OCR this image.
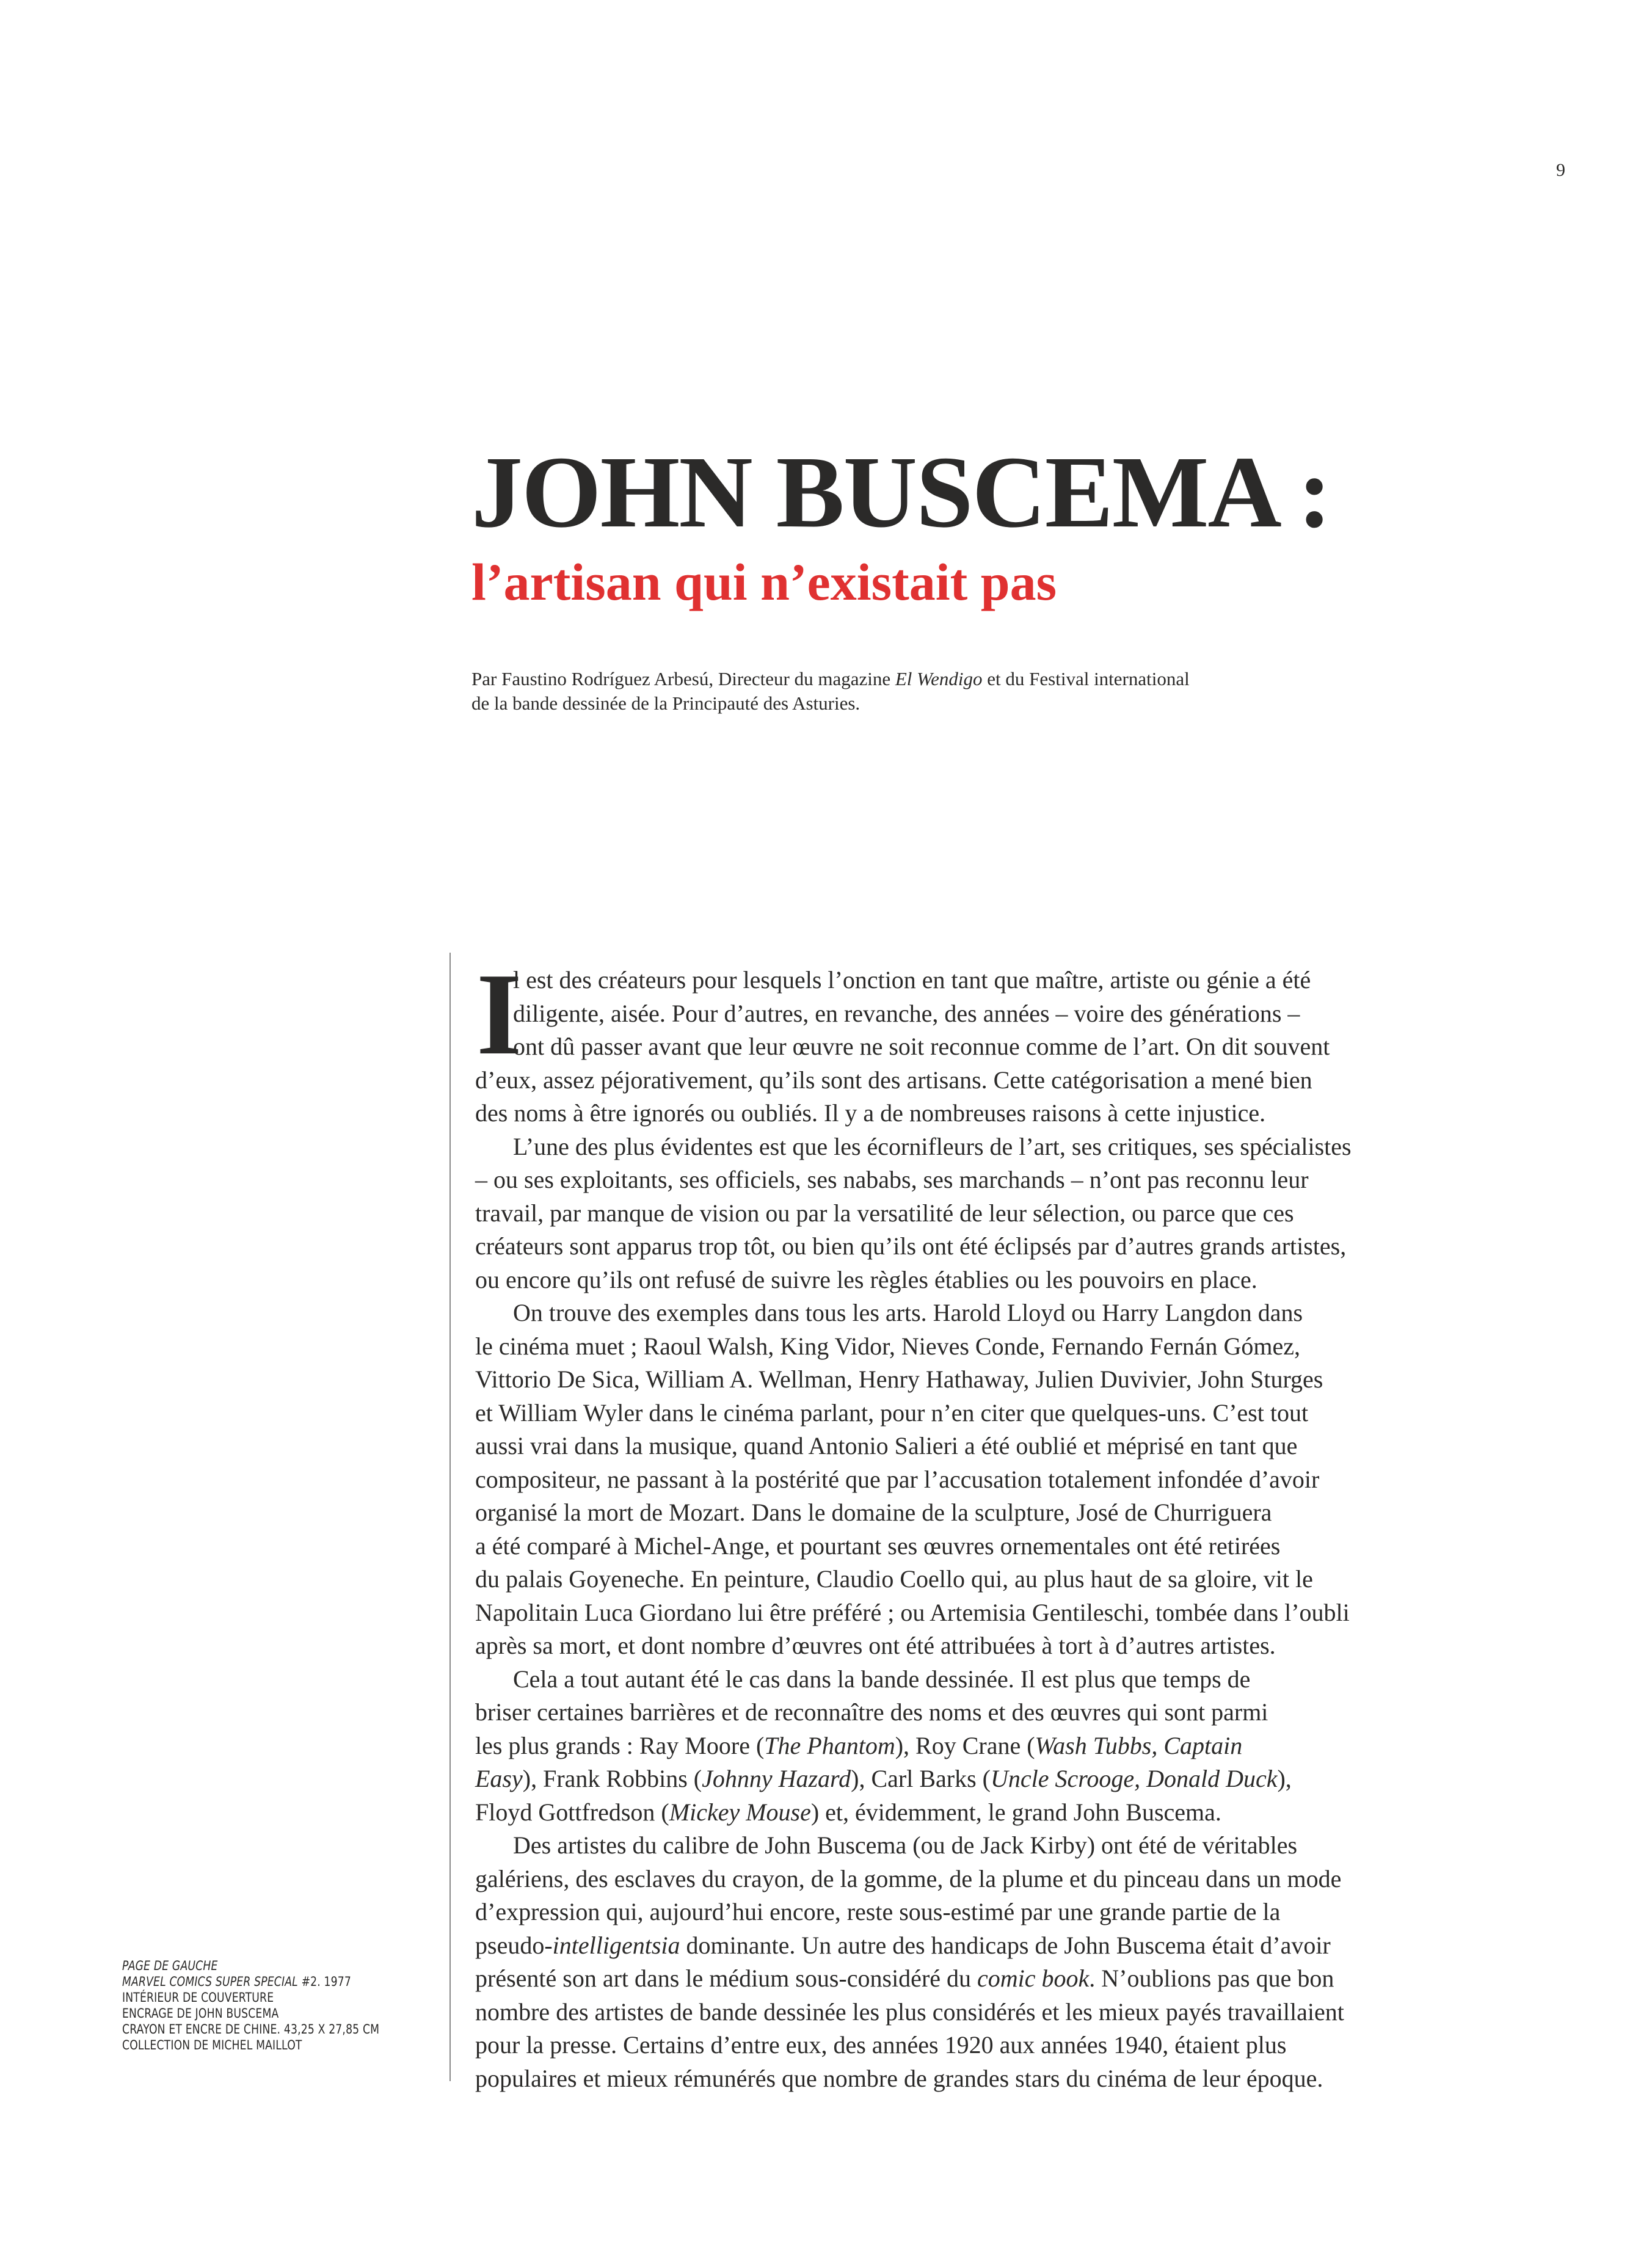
9
JOHN BUSCEMA :
l’artisan qui n’existait pas
Par Faustino Rodríguez Arbesú, Directeur du magazine El Wendigo et du Festival international
de la bande dessinée de la Principauté des Asturies.
I
l est des créateurs pour lesquels l’onction en tant que maître, artiste ou génie a été
diligente, aisée. Pour d’autres, en revanche, des années – voire des générations –
ont dû passer avant que leur œuvre ne soit reconnue comme de l’art. On dit souvent
d’eux, assez péjorativement, qu’ils sont des artisans. Cette catégorisation a mené bien
des noms à être ignorés ou oubliés. Il y a de nombreuses raisons à cette injustice.
L’une des plus évidentes est que les écornifleurs de l’art, ses critiques, ses spécialistes
– ou ses exploitants, ses officiels, ses nababs, ses marchands – n’ont pas reconnu leur
travail, par manque de vision ou par la versatilité de leur sélection, ou parce que ces
créateurs sont apparus trop tôt, ou bien qu’ils ont été éclipsés par d’autres grands artistes,
ou encore qu’ils ont refusé de suivre les règles établies ou les pouvoirs en place.
On trouve des exemples dans tous les arts. Harold Lloyd ou Harry Langdon dans
le cinéma muet ; Raoul Walsh, King Vidor, Nieves Conde, Fernando Fernán Gómez,
Vittorio De Sica, William A. Wellman, Henry Hathaway, Julien Duvivier, John Sturges
et William Wyler dans le cinéma parlant, pour n’en citer que quelques-uns. C’est tout
aussi vrai dans la musique, quand Antonio Salieri a été oublié et méprisé en tant que
compositeur, ne passant à la postérité que par l’accusation totalement infondée d’avoir
organisé la mort de Mozart. Dans le domaine de la sculpture, José de Churriguera
a été comparé à Michel-Ange, et pourtant ses œuvres ornementales ont été retirées
du palais Goyeneche. En peinture, Claudio Coello qui, au plus haut de sa gloire, vit le
Napolitain Luca Giordano lui être préféré ; ou Artemisia Gentileschi, tombée dans l’oubli
après sa mort, et dont nombre d’œuvres ont été attribuées à tort à d’autres artistes.
Cela a tout autant été le cas dans la bande dessinée. Il est plus que temps de
briser certaines barrières et de reconnaître des noms et des œuvres qui sont parmi
les plus grands : Ray Moore (The Phantom), Roy Crane (Wash Tubbs, Captain
Easy), Frank Robbins (Johnny Hazard), Carl Barks (Uncle Scrooge, Donald Duck),
Floyd Gottfredson (Mickey Mouse) et, évidemment, le grand John Buscema.
Des artistes du calibre de John Buscema (ou de Jack Kirby) ont été de véritables
galériens, des esclaves du crayon, de la gomme, de la plume et du pinceau dans un mode
d’expression qui, aujourd’hui encore, reste sous-estimé par une grande partie de la
pseudo-intelligentsia dominante. Un autre des handicaps de John Buscema était d’avoir
présenté son art dans le médium sous-considéré du comic book. N’oublions pas que bon
nombre des artistes de bande dessinée les plus considérés et les mieux payés travaillaient
pour la presse. Certains d’entre eux, des années 1920 aux années 1940, étaient plus
populaires et mieux rémunérés que nombre de grandes stars du cinéma de leur époque.
PAGE DE GAUCHE
MARVEL COMICS SUPER SPECIAL #2. 1977
INTÉRIEUR DE COUVERTURE
ENCRAGE DE JOHN BUSCEMA
CRAYON ET ENCRE DE CHINE. 43,25 X 27,85 CM
COLLECTION DE MICHEL MAILLOT
